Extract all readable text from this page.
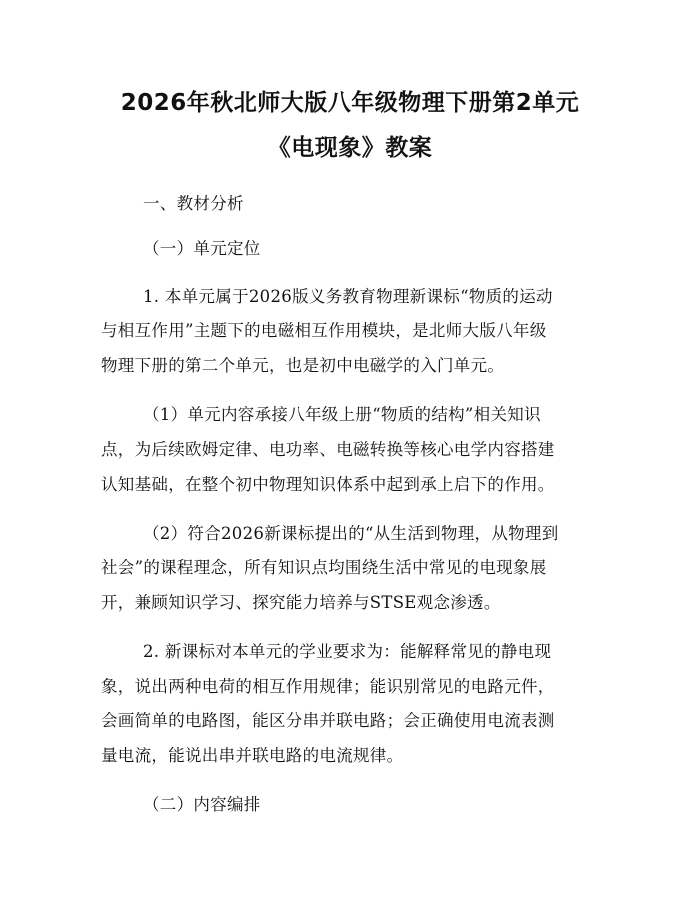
2026年秋北师大版八年级物理下册第2单元
《电现象》教案
一、教材分析
（一）单元定位
1. 本单元属于2026版义务教育物理新课标“物质的运动
与相互作用”主题下的电磁相互作用模块，是北师大版八年级
物理下册的第二个单元，也是初中电磁学的入门单元。
（1）单元内容承接八年级上册“物质的结构”相关知识
点，为后续欧姆定律、电功率、电磁转换等核心电学内容搭建
认知基础，在整个初中物理知识体系中起到承上启下的作用。
（2）符合2026新课标提出的“从生活到物理，从物理到
社会”的课程理念，所有知识点均围绕生活中常见的电现象展
开，兼顾知识学习、探究能力培养与STSE观念渗透。
2. 新课标对本单元的学业要求为：能解释常见的静电现
象，说出两种电荷的相互作用规律；能识别常见的电路元件，
会画简单的电路图，能区分串并联电路；会正确使用电流表测
量电流，能说出串并联电路的电流规律。
（二）内容编排
